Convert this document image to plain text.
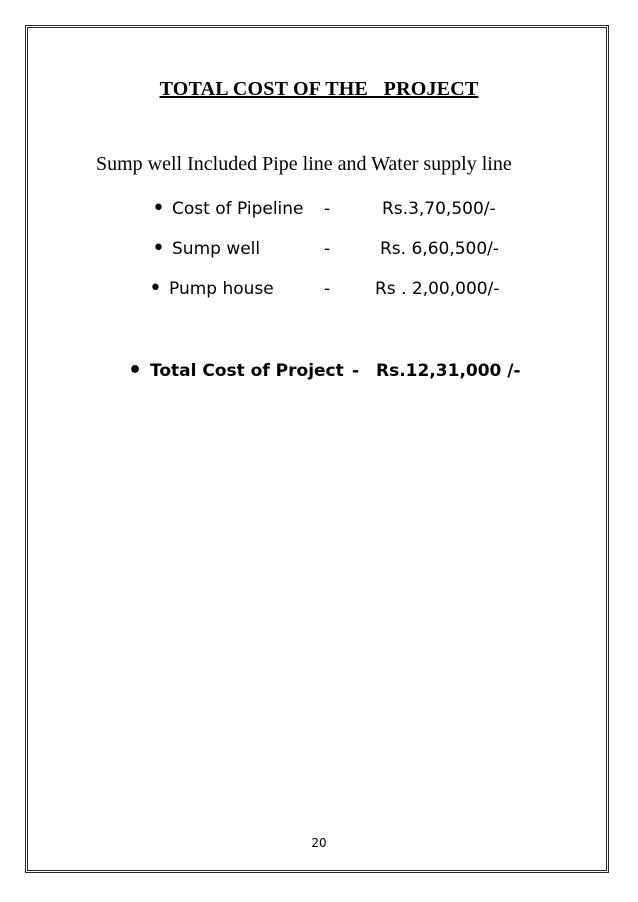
TOTAL COST OF THE   PROJECT
Sump well Included Pipe line and Water supply line
• Cost of Pipeline -	Rs.3,70,500/-
• Sump well	-	Rs. 6,60,500/-
• Pump house	-	Rs . 2,00,000/-
• Total Cost of Project - Rs.12,31,000 /-
20
